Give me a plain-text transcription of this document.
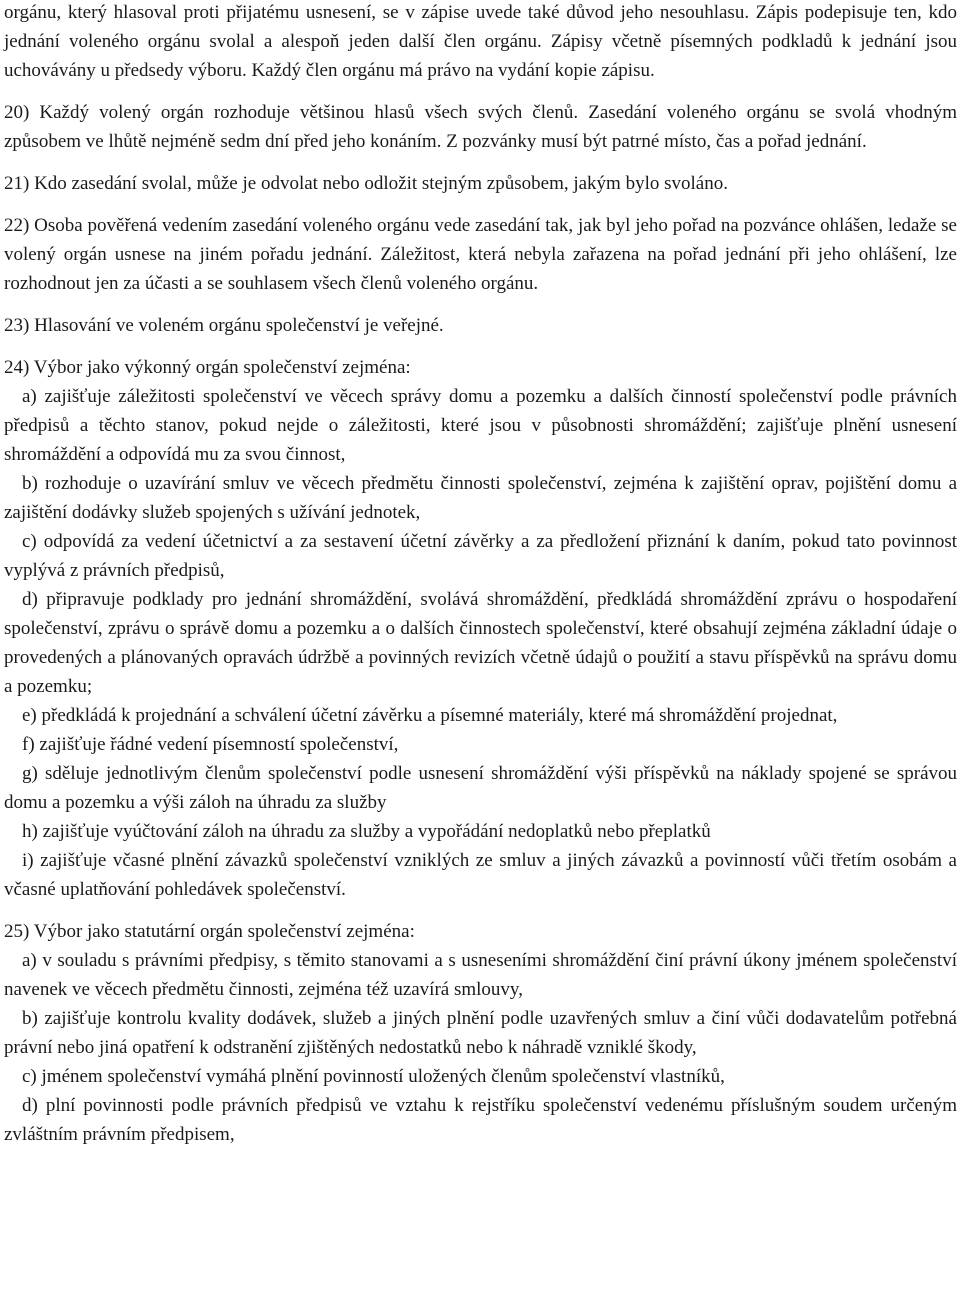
orgánu, který hlasoval proti přijatému usnesení, se v zápise uvede také důvod jeho nesouhlasu. Zápis podepisuje ten, kdo jednání voleného orgánu svolal a alespoň jeden další člen orgánu. Zápisy včetně písemných podkladů k jednání jsou uchovávány u předsedy výboru. Každý člen orgánu má právo na vydání kopie zápisu.

20) Každý volený orgán rozhoduje většinou hlasů všech svých členů. Zasedání voleného orgánu se svolá vhodným způsobem ve lhůtě nejméně sedm dní před jeho konáním. Z pozvánky musí být patrné místo, čas a pořad jednání.

21) Kdo zasedání svolal, může je odvolat nebo odložit stejným způsobem, jakým bylo svoláno.

22) Osoba pověřená vedením zasedání voleného orgánu vede zasedání tak, jak byl jeho pořad na pozvánce ohlášen, ledaže se volený orgán usnese na jiném pořadu jednání. Záležitost, která nebyla zařazena na pořad jednání při jeho ohlášení, lze rozhodnout jen za účasti a se souhlasem všech členů voleného orgánu.

23) Hlasování ve voleném orgánu společenství je veřejné.

24) Výbor jako výkonný orgán společenství zejména:

a) zajišťuje záležitosti společenství ve věcech správy domu a pozemku a dalších činností společenství podle právních předpisů a těchto stanov, pokud nejde o záležitosti, které jsou v působnosti shromáždění; zajišťuje plnění usnesení shromáždění a odpovídá mu za svou činnost,

b) rozhoduje o uzavírání smluv ve věcech předmětu činnosti společenství, zejména k zajištění oprav, pojištění domu a zajištění dodávky služeb spojených s užívání jednotek,

c) odpovídá za vedení účetnictví a za sestavení účetní závěrky a za předložení přiznání k daním, pokud tato povinnost vyplývá z právních předpisů,

d) připravuje podklady pro jednání shromáždění, svolává shromáždění, předkládá shromáždění zprávu o hospodaření společenství, zprávu o správě domu a pozemku a o dalších činnostech společenství, které obsahují zejména základní údaje o provedených a plánovaných opravách údržbě a povinných revizích včetně údajů o použití a stavu příspěvků na správu domu a pozemku;

e) předkládá k projednání a schválení účetní závěrku a písemné materiály, které má shromáždění projednat,

f) zajišťuje řádné vedení písemností společenství,

g) sděluje jednotlivým členům společenství podle usnesení shromáždění výši příspěvků na náklady spojené se správou domu a pozemku a výši záloh na úhradu za služby

h) zajišťuje vyúčtování záloh na úhradu za služby a vypořádání nedoplatků nebo přeplatků

i) zajišťuje včasné plnění závazků společenství vzniklých ze smluv a jiných závazků a povinností vůči třetím osobám a včasné uplatňování pohledávek společenství.

25) Výbor jako statutární orgán společenství zejména:

a) v souladu s právními předpisy, s těmito stanovami a s usneseními shromáždění činí právní úkony jménem společenství navenek ve věcech předmětu činnosti, zejména též uzavírá smlouvy,

b) zajišťuje kontrolu kvality dodávek, služeb a jiných plnění podle uzavřených smluv a činí vůči dodavatelům potřebná právní nebo jiná opatření k odstranění zjištěných nedostatků nebo k náhradě vzniklé škody,

c) jménem společenství vymáhá plnění povinností uložených členům společenství vlastníků,

d) plní povinnosti podle právních předpisů ve vztahu k rejstříku společenství vedenému příslušným soudem určeným zvláštním právním předpisem,
